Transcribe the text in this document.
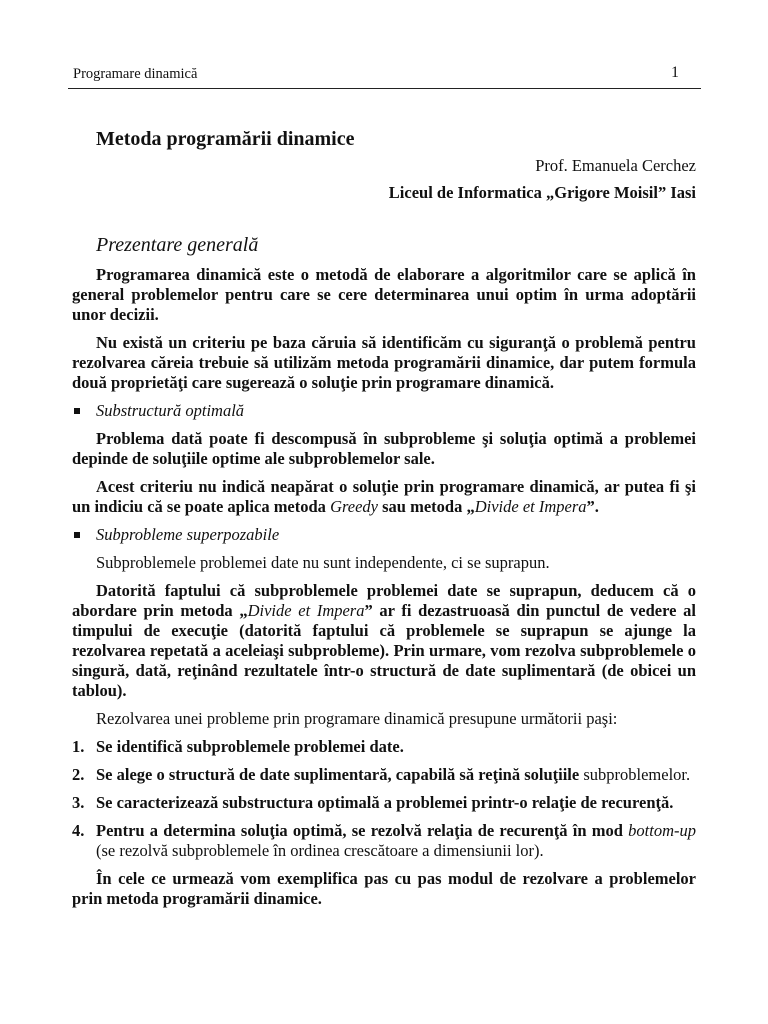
Programare dinamică	1
Metoda programării dinamice
Prof. Emanuela Cerchez
Liceul de Informatica „Grigore Moisil” Iasi
Prezentare generală

Programarea dinamică este o metodă de elaborare a algoritmilor care se aplică în general problemelor pentru care se cere determinarea unui optim în urma adoptării unor decizii.

Nu există un criteriu pe baza căruia să identificăm cu siguranţă o problemă pentru rezolvarea căreia trebuie să utilizăm metoda programării dinamice, dar putem formula două proprietăţi care sugerează o soluţie prin programare dinamică.

Substructură optimală

Problema dată poate fi descompusă în subprobleme şi soluţia optimă a problemei depinde de soluţiile optime ale subproblemelor sale.

Acest criteriu nu indică neapărat o soluţie prin programare dinamică, ar putea fi şi un indiciu că se poate aplica metoda Greedy sau metoda „Divide et Impera”.

Subprobleme superpozabile

Subproblemele problemei date nu sunt independente, ci se suprapun.

Datorită faptului că subproblemele problemei date se suprapun, deducem că o abordare prin metoda „Divide et Impera” ar fi dezastruoasă din punctul de vedere al timpului de execuţie (datorită faptului că problemele se suprapun se ajunge la rezolvarea repetată a aceleiaşi subprobleme). Prin urmare, vom rezolva subproblemele o singură, dată, reţinând rezultatele într-o structură de date suplimentară (de obicei un tablou).

Rezolvarea unei probleme prin programare dinamică presupune următorii paşi:

1. Se identifică subproblemele problemei date.
2. Se alege o structură de date suplimentară, capabilă să reţină soluţiile subproblemelor.
3. Se caracterizează substructura optimală a problemei printr-o relaţie de recurenţă.
4. Pentru a determina soluţia optimă, se rezolvă relaţia de recurenţă în mod bottom-up (se rezolvă subproblemele în ordinea crescătoare a dimensiunii lor).

În cele ce urmează vom exemplifica pas cu pas modul de rezolvare a problemelor prin metoda programării dinamice.
